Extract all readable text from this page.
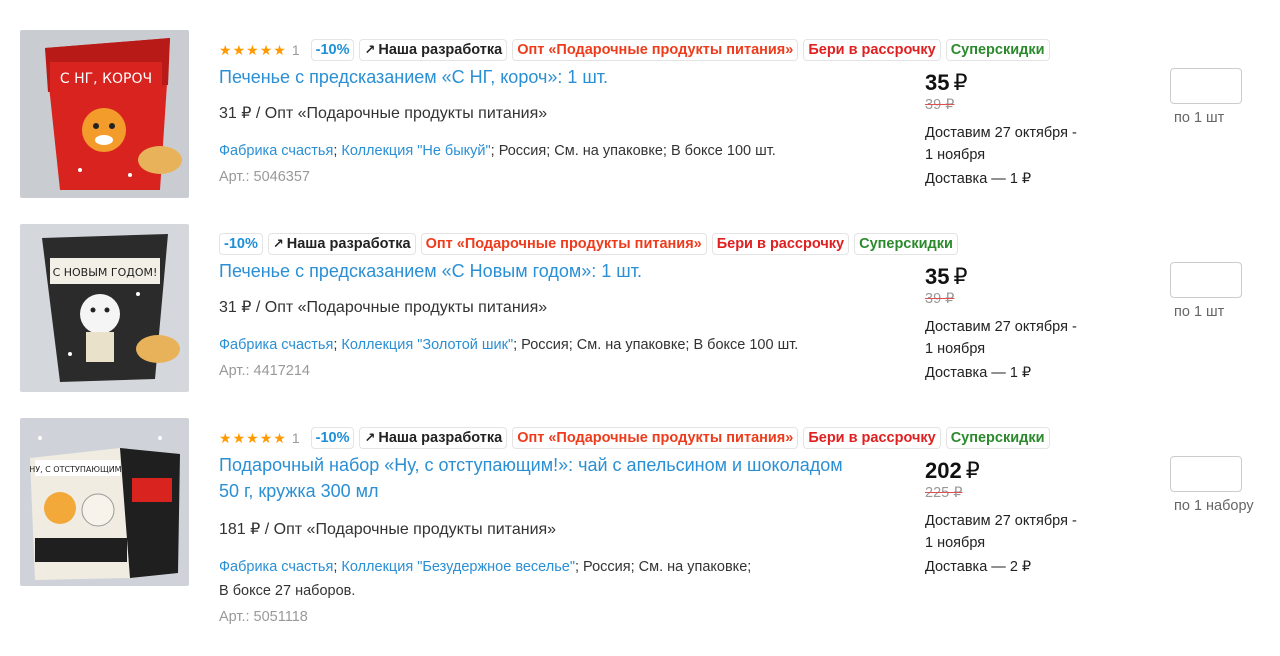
С НГ, КОРОЧ
★ ★ ★ ★ ★ 1	-10%	↗ Наша разработка	Опт «Подарочные продукты питания»	Бери в рассрочку	Суперскидки
Печенье с предсказанием «С НГ, короч»: 1 шт.
31 ₽ / Опт «Подарочные продукты питания»
Фабрика счастья; Коллекция "Не быкуй"; Россия; См. на упаковке; В боксе 100 шт.
Арт.: 5046357
35 ₽
39 ₽
Доставим 27 октября -
1 ноября
Доставка — 1 ₽
по 1 шт
С НОВЫМ ГОДОМ!
-10%	↗ Наша разработка	Опт «Подарочные продукты питания»	Бери в рассрочку	Суперскидки
Печенье с предсказанием «С Новым годом»: 1 шт.
31 ₽ / Опт «Подарочные продукты питания»
Фабрика счастья; Коллекция "Золотой шик"; Россия; См. на упаковке; В боксе 100 шт.
Арт.: 4417214
35 ₽
39 ₽
Доставим 27 октября -
1 ноября
Доставка — 1 ₽
по 1 шт
НУ, С ОТСТУПАЮЩИМ!
★ ★ ★ ★ ★ 1	-10%	↗ Наша разработка	Опт «Подарочные продукты питания»	Бери в рассрочку	Суперскидки
Подарочный набор «Ну, с отступающим!»: чай с апельсином и шоколадом
50 г, кружка 300 мл
181 ₽ / Опт «Подарочные продукты питания»
Фабрика счастья; Коллекция "Безудержное веселье"; Россия; См. на упаковке;
В боксе 27 наборов.
Арт.: 5051118
202 ₽
225 ₽
Доставим 27 октября -
1 ноября
Доставка — 2 ₽
по 1 набору
